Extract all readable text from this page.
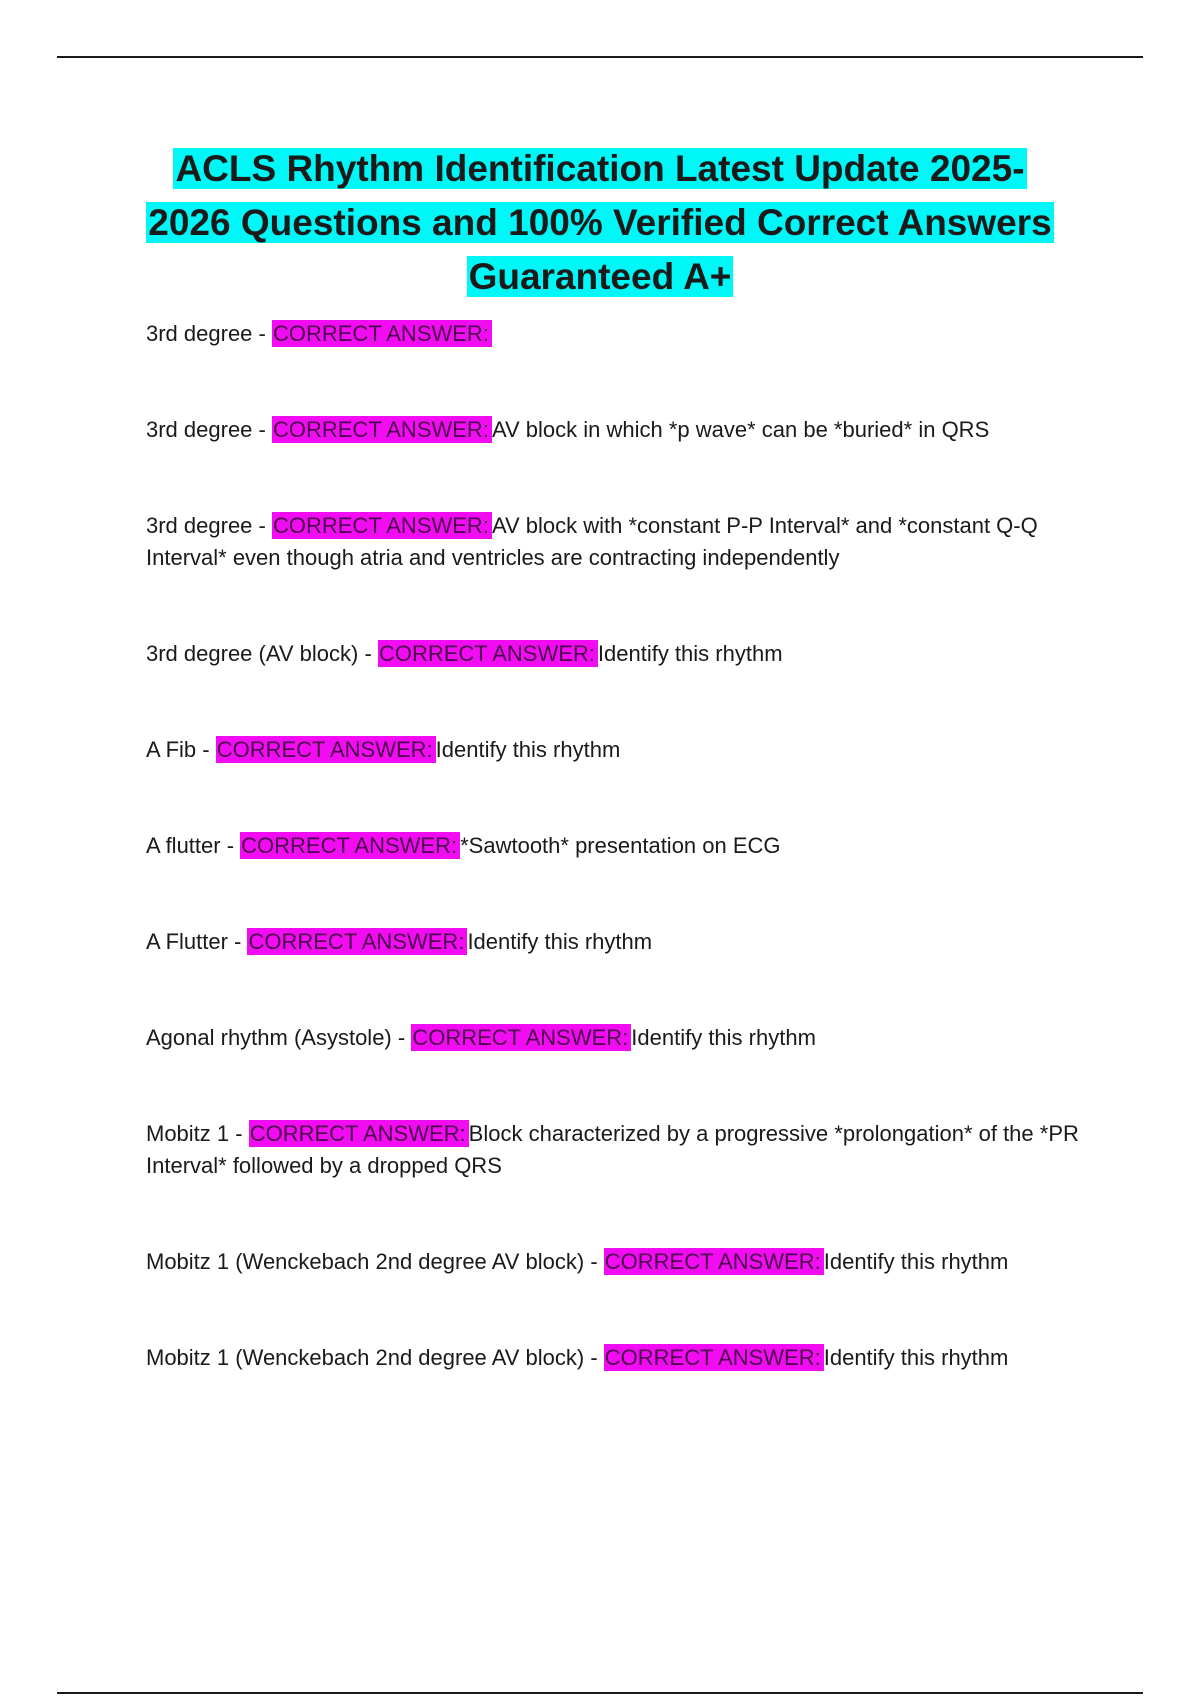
ACLS Rhythm Identification Latest Update 2025-2026 Questions and 100% Verified Correct Answers Guaranteed A+
3rd degree - CORRECT ANSWER:
3rd degree - CORRECT ANSWER: AV block in which *p wave* can be *buried* in QRS
3rd degree - CORRECT ANSWER: AV block with *constant P-P Interval* and *constant Q-Q Interval* even though atria and ventricles are contracting independently
3rd degree (AV block) - CORRECT ANSWER: Identify this rhythm
A Fib - CORRECT ANSWER: Identify this rhythm
A flutter - CORRECT ANSWER: *Sawtooth* presentation on ECG
A Flutter - CORRECT ANSWER: Identify this rhythm
Agonal rhythm (Asystole) - CORRECT ANSWER: Identify this rhythm
Mobitz 1 - CORRECT ANSWER: Block characterized by a progressive *prolongation* of the *PR Interval* followed by a dropped QRS
Mobitz 1 (Wenckebach 2nd degree AV block) - CORRECT ANSWER: Identify this rhythm
Mobitz 1 (Wenckebach 2nd degree AV block) - CORRECT ANSWER: Identify this rhythm
